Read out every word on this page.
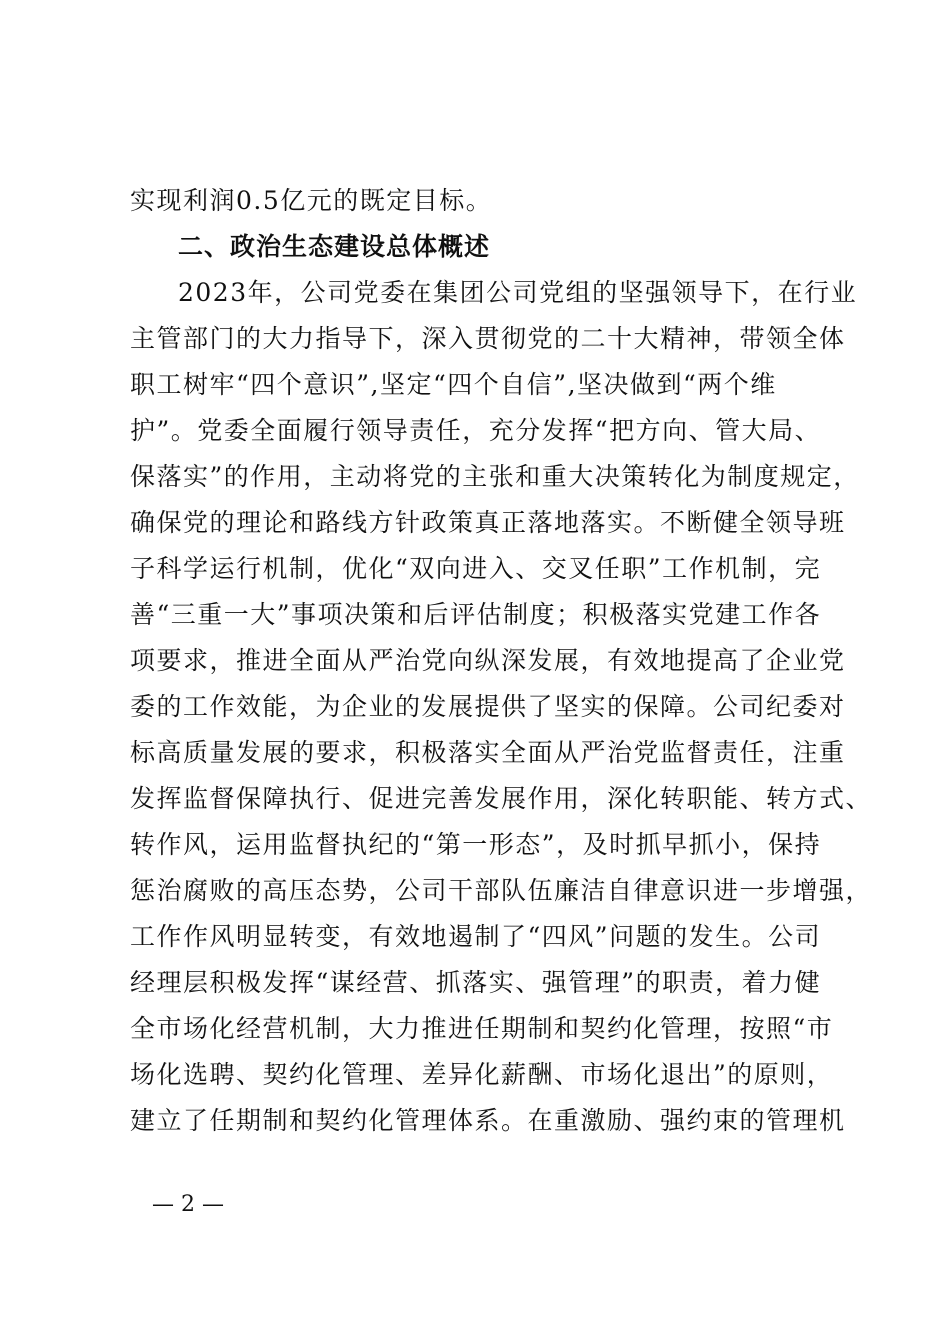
实现利润0.5亿元的既定目标。
二、政治生态建设总体概述
2023年，公司党委在集团公司党组的坚强领导下，在行业
主管部门的大力指导下，深入贯彻党的二十大精神，带领全体
职工树牢“四个意识”,坚定“四个自信”,坚决做到“两个维
护”。党委全面履行领导责任，充分发挥“把方向、管大局、
保落实”的作用，主动将党的主张和重大决策转化为制度规定，
确保党的理论和路线方针政策真正落地落实。不断健全领导班
子科学运行机制，优化“双向进入、交叉任职”工作机制，完
善“三重一大”事项决策和后评估制度；积极落实党建工作各
项要求，推进全面从严治党向纵深发展，有效地提高了企业党
委的工作效能，为企业的发展提供了坚实的保障。公司纪委对
标高质量发展的要求，积极落实全面从严治党监督责任，注重
发挥监督保障执行、促进完善发展作用，深化转职能、转方式、
转作风，运用监督执纪的“第一形态”，及时抓早抓小，保持
惩治腐败的高压态势，公司干部队伍廉洁自律意识进一步增强，
工作作风明显转变，有效地遏制了“四风”问题的发生。公司
经理层积极发挥“谋经营、抓落实、强管理”的职责，着力健
全市场化经营机制，大力推进任期制和契约化管理，按照“市
场化选聘、契约化管理、差异化薪酬、市场化退出”的原则，
建立了任期制和契约化管理体系。在重激励、强约束的管理机
— 2 —
